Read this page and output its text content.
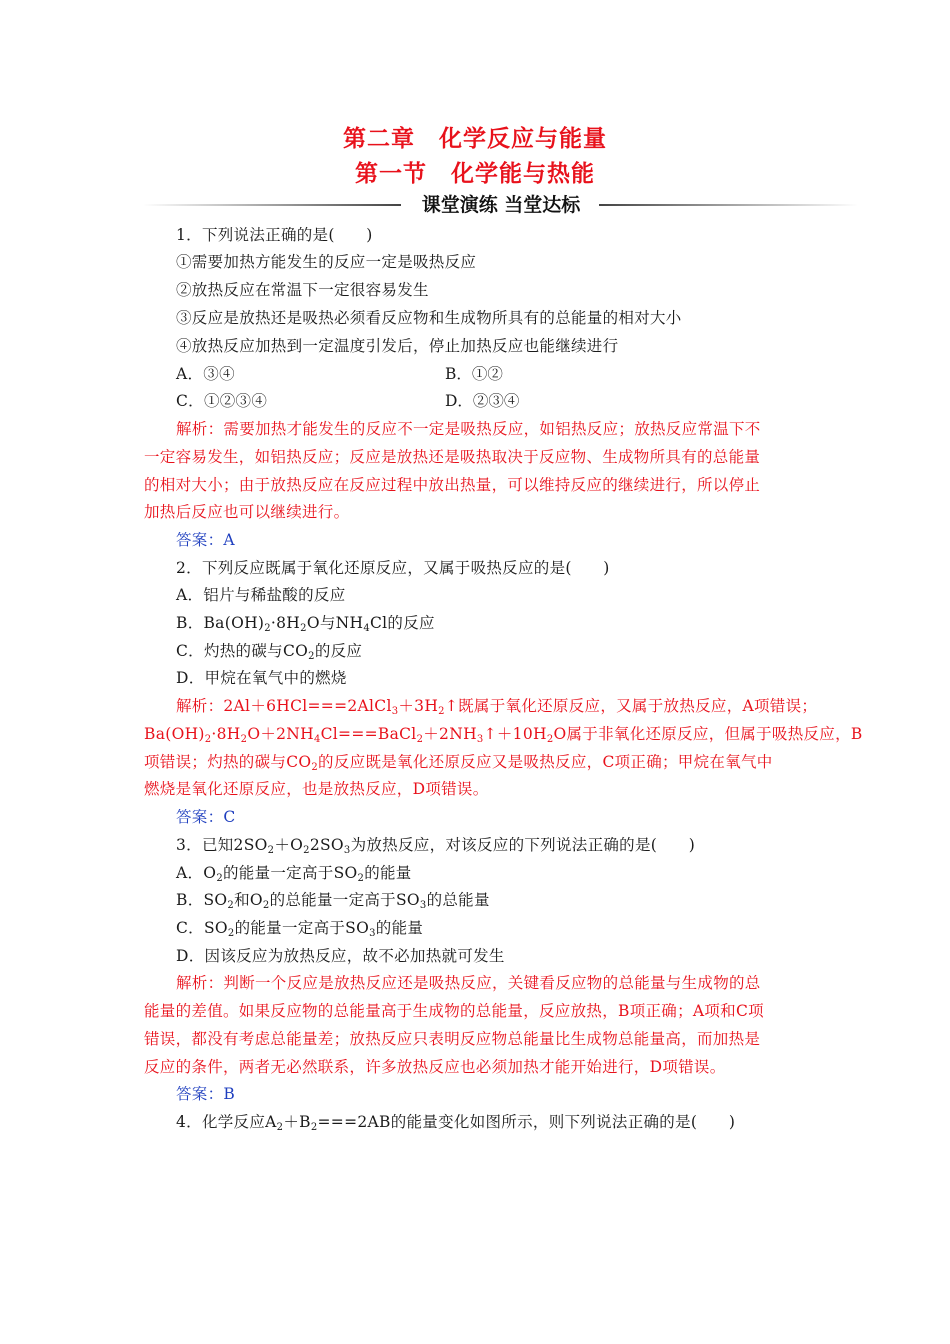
第二章　化学反应与能量
第一节　化学能与热能
课堂演练 当堂达标
1．下列说法正确的是(　　)
①需要加热方能发生的反应一定是吸热反应
②放热反应在常温下一定很容易发生
③反应是放热还是吸热必须看反应物和生成物所具有的总能量的相对大小
④放热反应加热到一定温度引发后，停止加热反应也能继续进行
A．③④	B．①②
C．①②③④	D．②③④
解析：需要加热才能发生的反应不一定是吸热反应，如铝热反应；放热反应常温下不
一定容易发生，如铝热反应；反应是放热还是吸热取决于反应物、生成物所具有的总能量
的相对大小；由于放热反应在反应过程中放出热量，可以维持反应的继续进行，所以停止
加热后反应也可以继续进行。
答案：A
2．下列反应既属于氧化还原反应，又属于吸热反应的是(　　)
A．铝片与稀盐酸的反应
B．$Ba(OH)_2\cdot 8H_2O$与$NH_4Cl$的反应
C．灼热的碳与$CO_2$的反应
D．甲烷在氧气中的燃烧
解析：$2Al+6HCl===2AlCl_3+3H_2↑$既属于氧化还原反应，又属于放热反应，A项错误；
$Ba(OH)_2\cdot 8H_2O+2NH_4Cl===BaCl_2+2NH_3↑+10H_2O$属于非氧化还原反应，但属于吸热反应，B
项错误；灼热的碳与$CO_2$的反应既是氧化还原反应又是吸热反应，C项正确；甲烷在氧气中
燃烧是氧化还原反应，也是放热反应，D项错误。
答案：C
3．已知$2SO_2+O_22SO_3$为放热反应，对该反应的下列说法正确的是(　　)
A．$O_2$的能量一定高于$SO_2$的能量
B．$SO_2$和$O_2$的总能量一定高于$SO_3$的总能量
C．$SO_2$的能量一定高于$SO_3$的能量
D．因该反应为放热反应，故不必加热就可发生
解析：判断一个反应是放热反应还是吸热反应，关键看反应物的总能量与生成物的总
能量的差值。如果反应物的总能量高于生成物的总能量，反应放热，B项正确；A项和C项
错误，都没有考虑总能量差；放热反应只表明反应物总能量比生成物总能量高，而加热是
反应的条件，两者无必然联系，许多放热反应也必须加热才能开始进行，D项错误。
答案：B
4．化学反应$A_2+B_2===2AB$的能量变化如图所示，则下列说法正确的是(　　)
